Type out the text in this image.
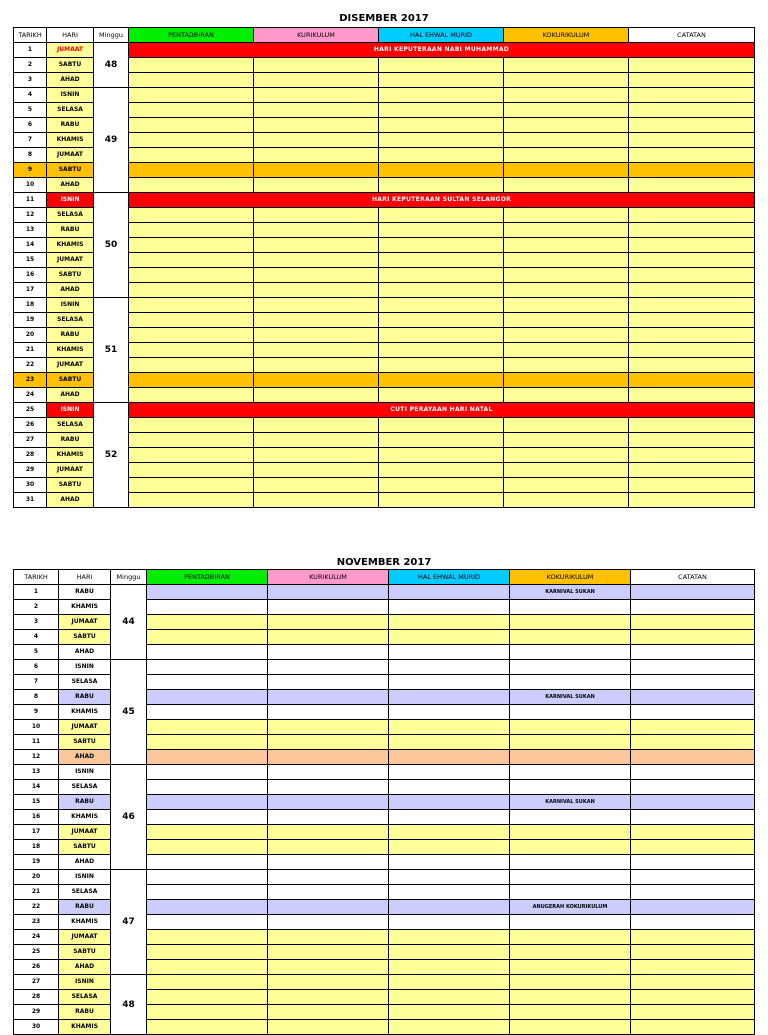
DISEMBER 2017
TARIKH	HARI	Minggu	PENTADBIRAN	KURIKULUM	HAL EHWAL MURID	KOKURIKULUM	CATATAN
1	JUMAAT	48	HARI KEPUTERAAN NABI MUHAMMAD				
2	SABTU						
3	AHAD						
4	ISNIN	49					
5	SELASA						
6	RABU						
7	KHAMIS						
8	JUMAAT						
9	SABTU						
10	AHAD						
11	ISNIN	50	HARI KEPUTERAAN SULTAN SELANGOR				
12	SELASA						
13	RABU						
14	KHAMIS						
15	JUMAAT						
16	SABTU						
17	AHAD						
18	ISNIN	51					
19	SELASA						
20	RABU						
21	KHAMIS						
22	JUMAAT						
23	SABTU						
24	AHAD						
25	ISNIN	52	CUTI PERAYAAN HARI NATAL				
26	SELASA						
27	RABU						
28	KHAMIS						
29	JUMAAT						
30	SABTU						
31	AHAD						
NOVEMBER 2017
TARIKH	HARI	Minggu	PENTADBIRAN	KURIKULUM	HAL EHWAL MURID	KOKURIKULUM	CATATAN
1	RABU	44				KARNIVAL SUKAN	
2	KHAMIS						
3	JUMAAT						
4	SABTU						
5	AHAD						
6	ISNIN	45					
7	SELASA						
8	RABU					KARNIVAL SUKAN	
9	KHAMIS						
10	JUMAAT						
11	SABTU						
12	AHAD						
13	ISNIN	46					
14	SELASA						
15	RABU					KARNIVAL SUKAN	
16	KHAMIS						
17	JUMAAT						
18	SABTU						
19	AHAD						
20	ISNIN	47					
21	SELASA						
22	RABU					ANUGERAH KOKURIKULUM	
23	KHAMIS						
24	JUMAAT						
25	SABTU						
26	AHAD						
27	ISNIN	48					
28	SELASA						
29	RABU						
30	KHAMIS						
